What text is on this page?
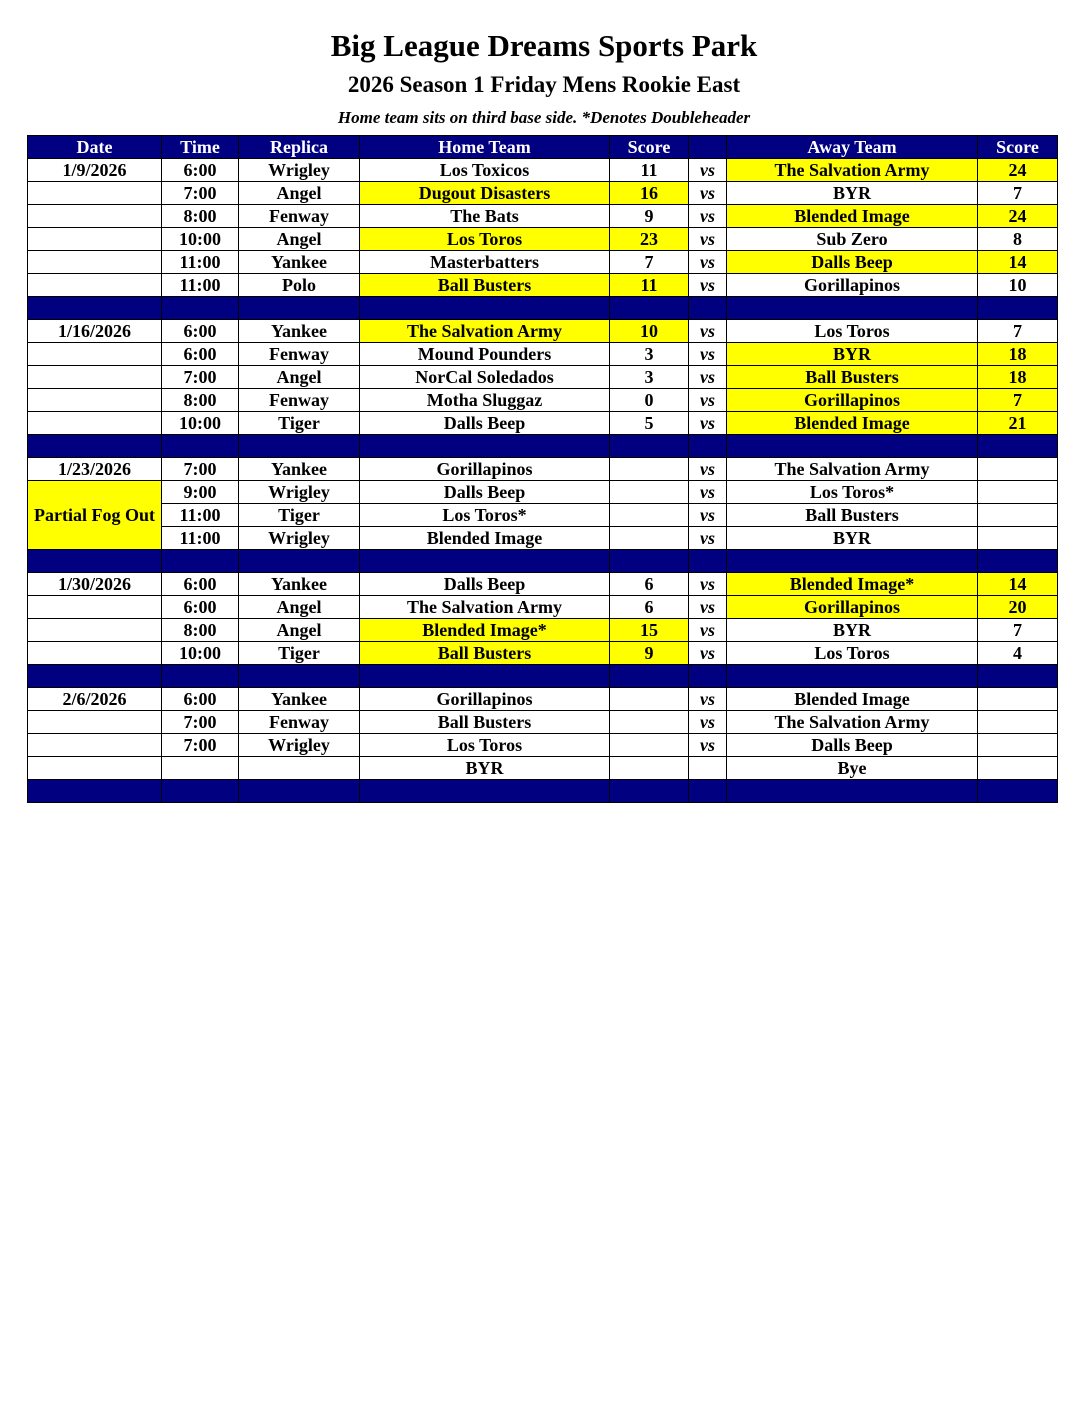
Big League Dreams Sports Park
2026 Season 1 Friday Mens Rookie East
Home team sits on third base side. *Denotes Doubleheader
Date	Time	Replica	Home Team	Score		Away Team	Score
1/9/2026	6:00	Wrigley	Los Toxicos	11	vs	The Salvation Army	24
	7:00	Angel	Dugout Disasters	16	vs	BYR	7
	8:00	Fenway	The Bats	9	vs	Blended Image	24
	10:00	Angel	Los Toros	23	vs	Sub Zero	8
	11:00	Yankee	Masterbatters	7	vs	Dalls Beep	14
	11:00	Polo	Ball Busters	11	vs	Gorillapinos	10

1/16/2026	6:00	Yankee	The Salvation Army	10	vs	Los Toros	7
	6:00	Fenway	Mound Pounders	3	vs	BYR	18
	7:00	Angel	NorCal Soledados	3	vs	Ball Busters	18
	8:00	Fenway	Motha Sluggaz	0	vs	Gorillapinos	7
	10:00	Tiger	Dalls Beep	5	vs	Blended Image	21

1/23/2026	7:00	Yankee	Gorillapinos		vs	The Salvation Army	
Partial Fog Out	9:00	Wrigley	Dalls Beep		vs	Los Toros*	
	11:00	Tiger	Los Toros*		vs	Ball Busters	
	11:00	Wrigley	Blended Image		vs	BYR	

1/30/2026	6:00	Yankee	Dalls Beep	6	vs	Blended Image*	14
	6:00	Angel	The Salvation Army	6	vs	Gorillapinos	20
	8:00	Angel	Blended Image*	15	vs	BYR	7
	10:00	Tiger	Ball Busters	9	vs	Los Toros	4

2/6/2026	6:00	Yankee	Gorillapinos		vs	Blended Image	
	7:00	Fenway	Ball Busters		vs	The Salvation Army	
	7:00	Wrigley	Los Toros		vs	Dalls Beep	
			BYR			Bye	
